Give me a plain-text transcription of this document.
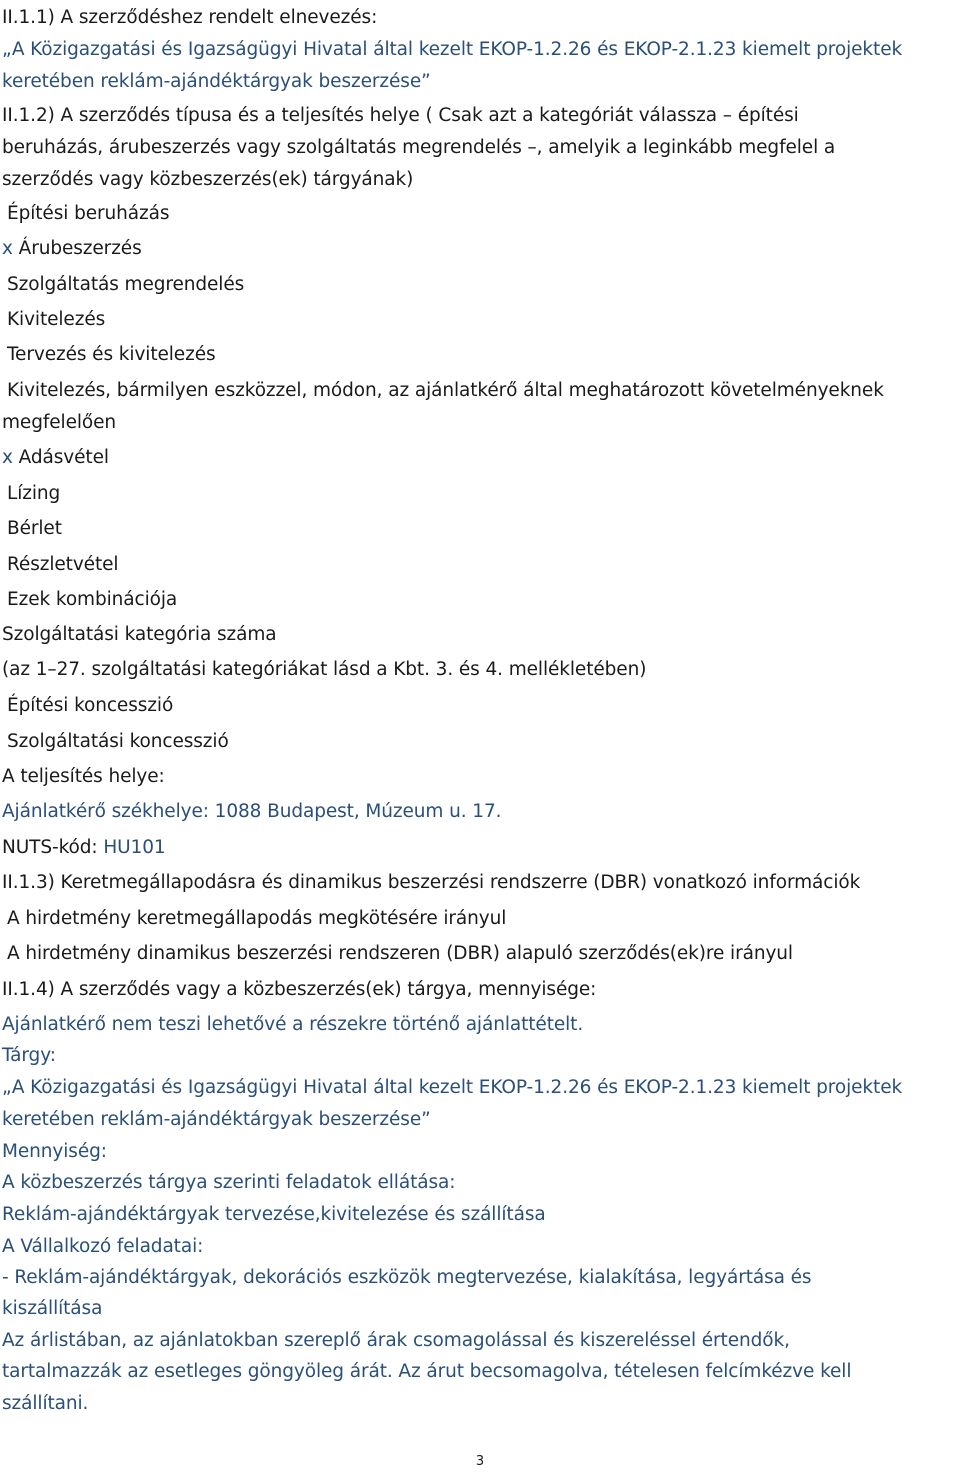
II.1.1) A szerződéshez rendelt elnevezés:
„A Közigazgatási és Igazságügyi Hivatal által kezelt EKOP-1.2.26 és EKOP-2.1.23 kiemelt projektek
keretében reklám-ajándéktárgyak beszerzése”
II.1.2) A szerződés típusa és a teljesítés helye ( Csak azt a kategóriát válassza – építési
beruházás, árubeszerzés vagy szolgáltatás megrendelés –, amelyik a leginkább megfelel a
szerződés vagy közbeszerzés(ek) tárgyának)
Építési beruházás
x Árubeszerzés
Szolgáltatás megrendelés
Kivitelezés
Tervezés és kivitelezés
Kivitelezés, bármilyen eszközzel, módon, az ajánlatkérő által meghatározott követelményeknek
megfelelően
x Adásvétel
Lízing
Bérlet
Részletvétel
Ezek kombinációja
Szolgáltatási kategória száma
(az 1–27. szolgáltatási kategóriákat lásd a Kbt. 3. és 4. mellékletében)
Építési koncesszió
Szolgáltatási koncesszió
A teljesítés helye:
Ajánlatkérő székhelye: 1088 Budapest, Múzeum u. 17.
NUTS-kód: HU101
II.1.3) Keretmegállapodásra és dinamikus beszerzési rendszerre (DBR) vonatkozó információk
A hirdetmény keretmegállapodás megkötésére irányul
A hirdetmény dinamikus beszerzési rendszeren (DBR) alapuló szerződés(ek)re irányul
II.1.4) A szerződés vagy a közbeszerzés(ek) tárgya, mennyisége:
Ajánlatkérő nem teszi lehetővé a részekre történő ajánlattételt.
Tárgy:
„A Közigazgatási és Igazságügyi Hivatal által kezelt EKOP-1.2.26 és EKOP-2.1.23 kiemelt projektek
keretében reklám-ajándéktárgyak beszerzése”
Mennyiség:
A közbeszerzés tárgya szerinti feladatok ellátása:
Reklám-ajándéktárgyak tervezése,kivitelezése és szállítása
A Vállalkozó feladatai:
- Reklám-ajándéktárgyak, dekorációs eszközök megtervezése, kialakítása, legyártása és
kiszállítása
Az árlistában, az ajánlatokban szereplő árak csomagolással és kiszereléssel értendők,
tartalmazzák az esetleges göngyöleg árát. Az árut becsomagolva, tételesen felcímkézve kell
szállítani.
3
